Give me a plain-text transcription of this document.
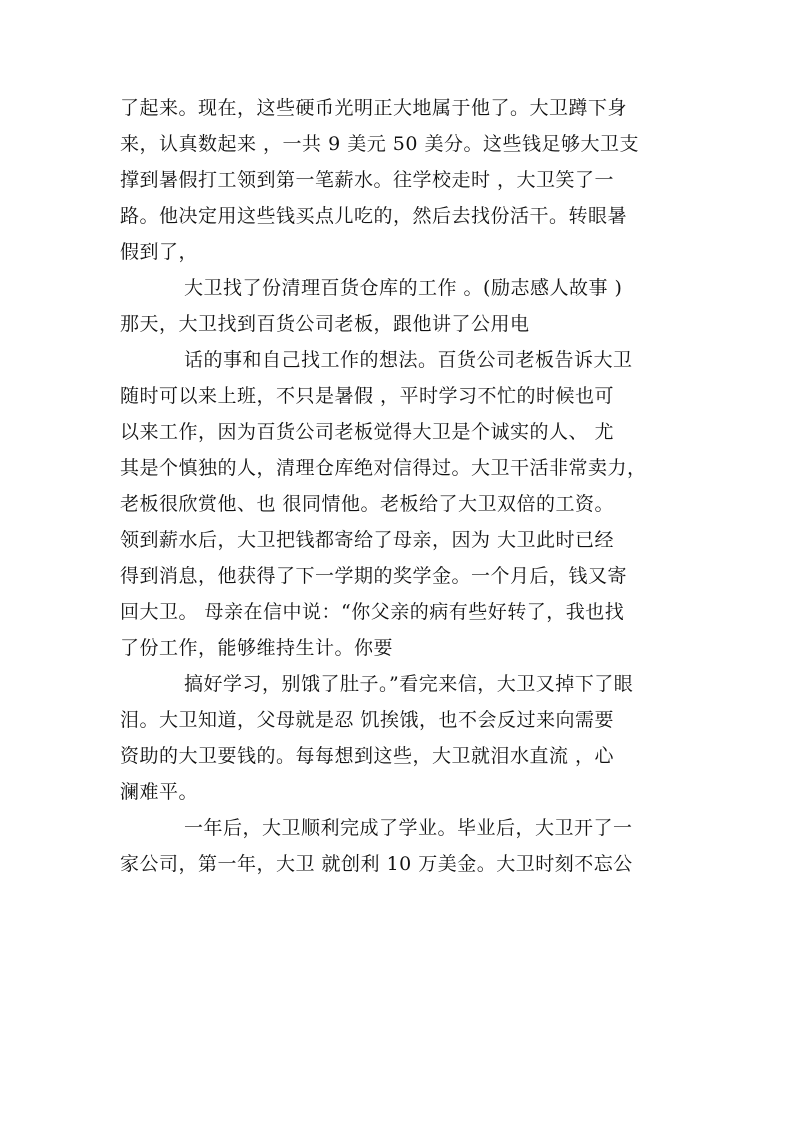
了起来。现在，这些硬币光明正大地属于他了。大卫蹲下身
来，认真数起来 ，一共 9 美元 50 美分。这些钱足够大卫支
撑到暑假打工领到第一笔薪水。往学校走时 ，大卫笑了一
路。他决定用这些钱买点儿吃的，然后去找份活干。转眼暑
假到了，
大卫找了份清理百货仓库的工作 。(励志感人故事 )
那天，大卫找到百货公司老板，跟他讲了公用电
话的事和自己找工作的想法。百货公司老板告诉大卫
随时可以来上班，不只是暑假 ，平时学习不忙的时候也可
以来工作，因为百货公司老板觉得大卫是个诚实的人、 尤
其是个慎独的人，清理仓库绝对信得过。大卫干活非常卖力，
老板很欣赏他、也 很同情他。老板给了大卫双倍的工资。
领到薪水后，大卫把钱都寄给了母亲，因为 大卫此时已经
得到消息，他获得了下一学期的奖学金。一个月后，钱又寄
回大卫。 母亲在信中说：“你父亲的病有些好转了，我也找
了份工作，能够维持生计。你要
搞好学习，别饿了肚子。”看完来信，大卫又掉下了眼
泪。大卫知道，父母就是忍 饥挨饿，也不会反过来向需要
资助的大卫要钱的。每每想到这些，大卫就泪水直流 ，心
澜难平。
一年后，大卫顺利完成了学业。毕业后，大卫开了一
家公司，第一年，大卫 就创利 10 万美金。大卫时刻不忘公
